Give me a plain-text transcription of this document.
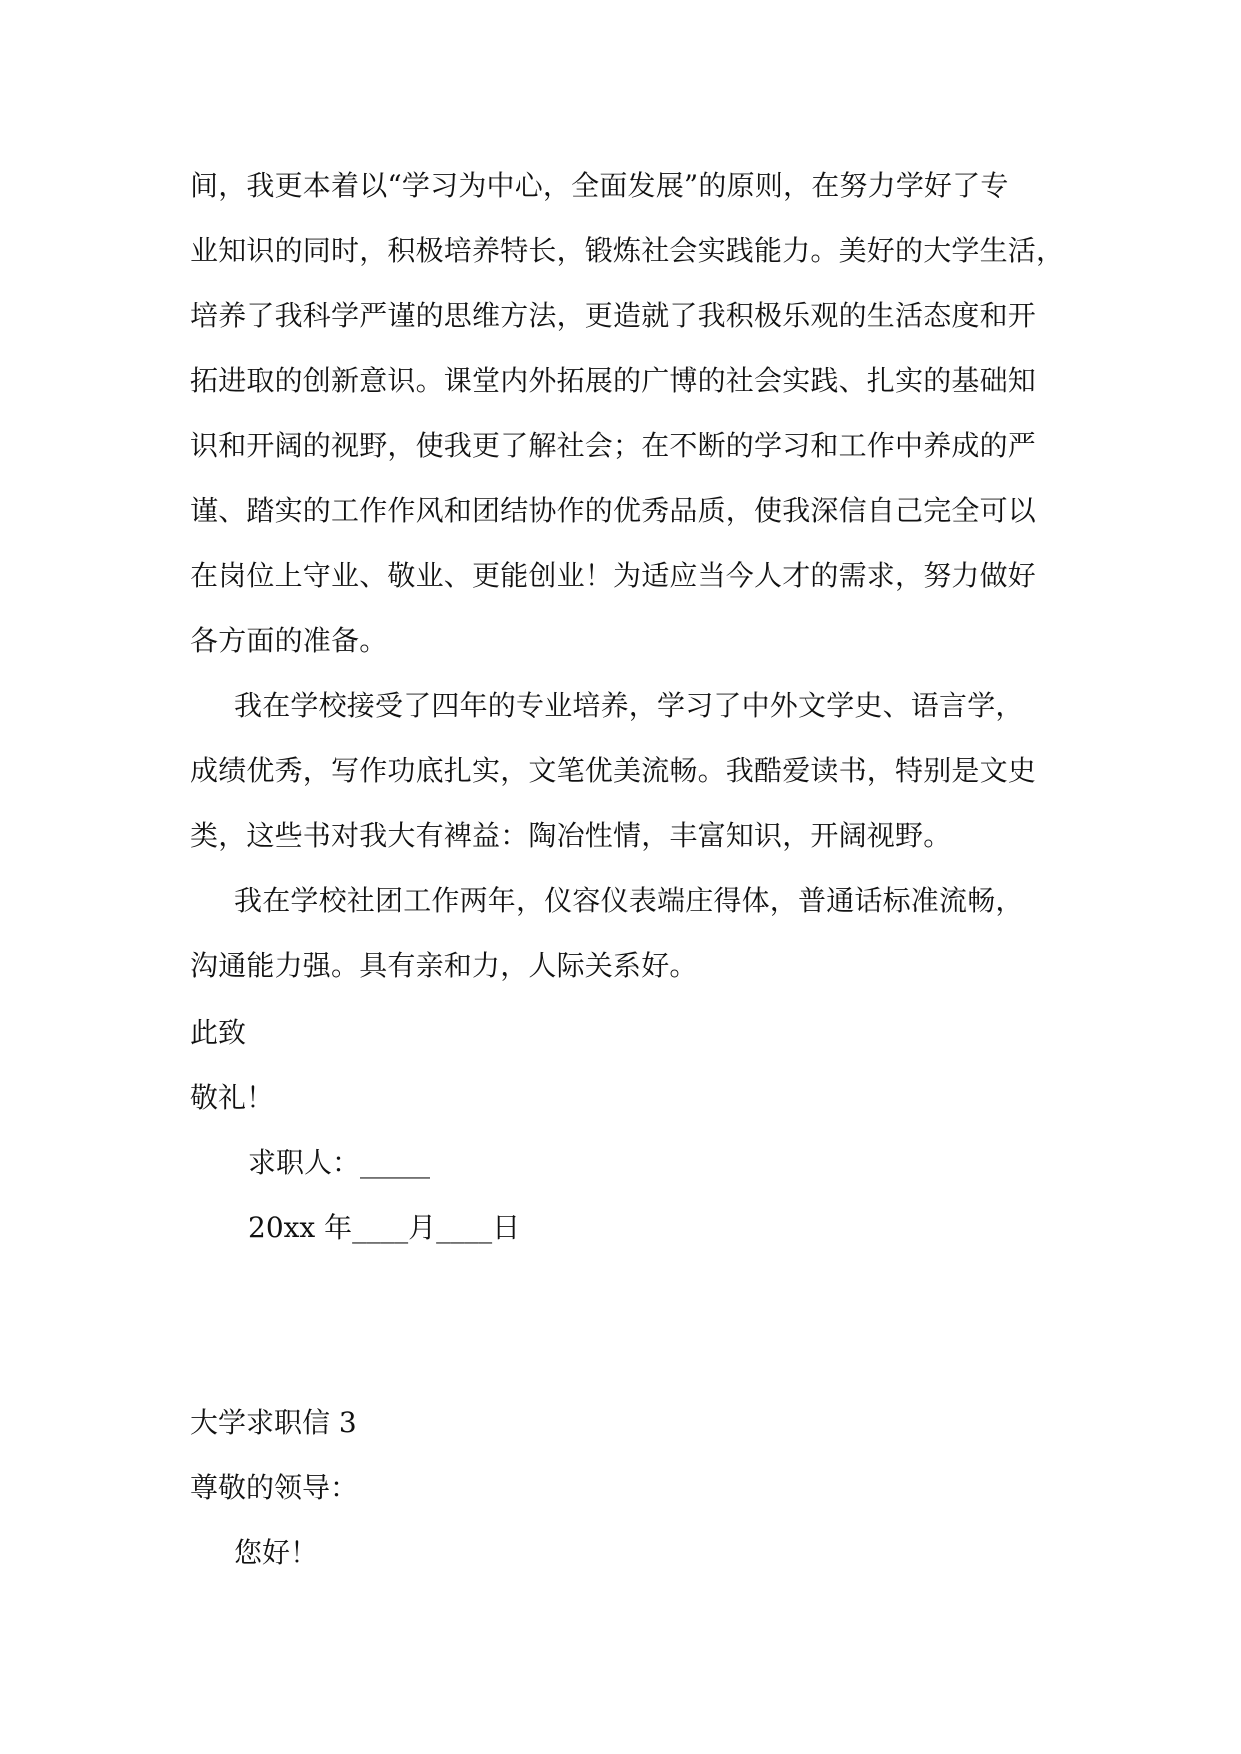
间，我更本着以“学习为中心，全面发展”的原则，在努力学好了专
业知识的同时，积极培养特长，锻炼社会实践能力。美好的大学生活，
培养了我科学严谨的思维方法，更造就了我积极乐观的生活态度和开
拓进取的创新意识。课堂内外拓展的广博的社会实践、扎实的基础知
识和开阔的视野，使我更了解社会；在不断的学习和工作中养成的严
谨、踏实的工作作风和团结协作的优秀品质，使我深信自己完全可以
在岗位上守业、敬业、更能创业！为适应当今人才的需求，努力做好
各方面的准备。
我在学校接受了四年的专业培养，学习了中外文学史、语言学，
成绩优秀，写作功底扎实，文笔优美流畅。我酷爱读书，特别是文史
类，这些书对我大有裨益：陶冶性情，丰富知识，开阔视野。
我在学校社团工作两年，仪容仪表端庄得体，普通话标准流畅，
沟通能力强。具有亲和力，人际关系好。
此致
敬礼！
求职人：_____
20xx 年____月____日
大学求职信 3
尊敬的领导：
您好！
